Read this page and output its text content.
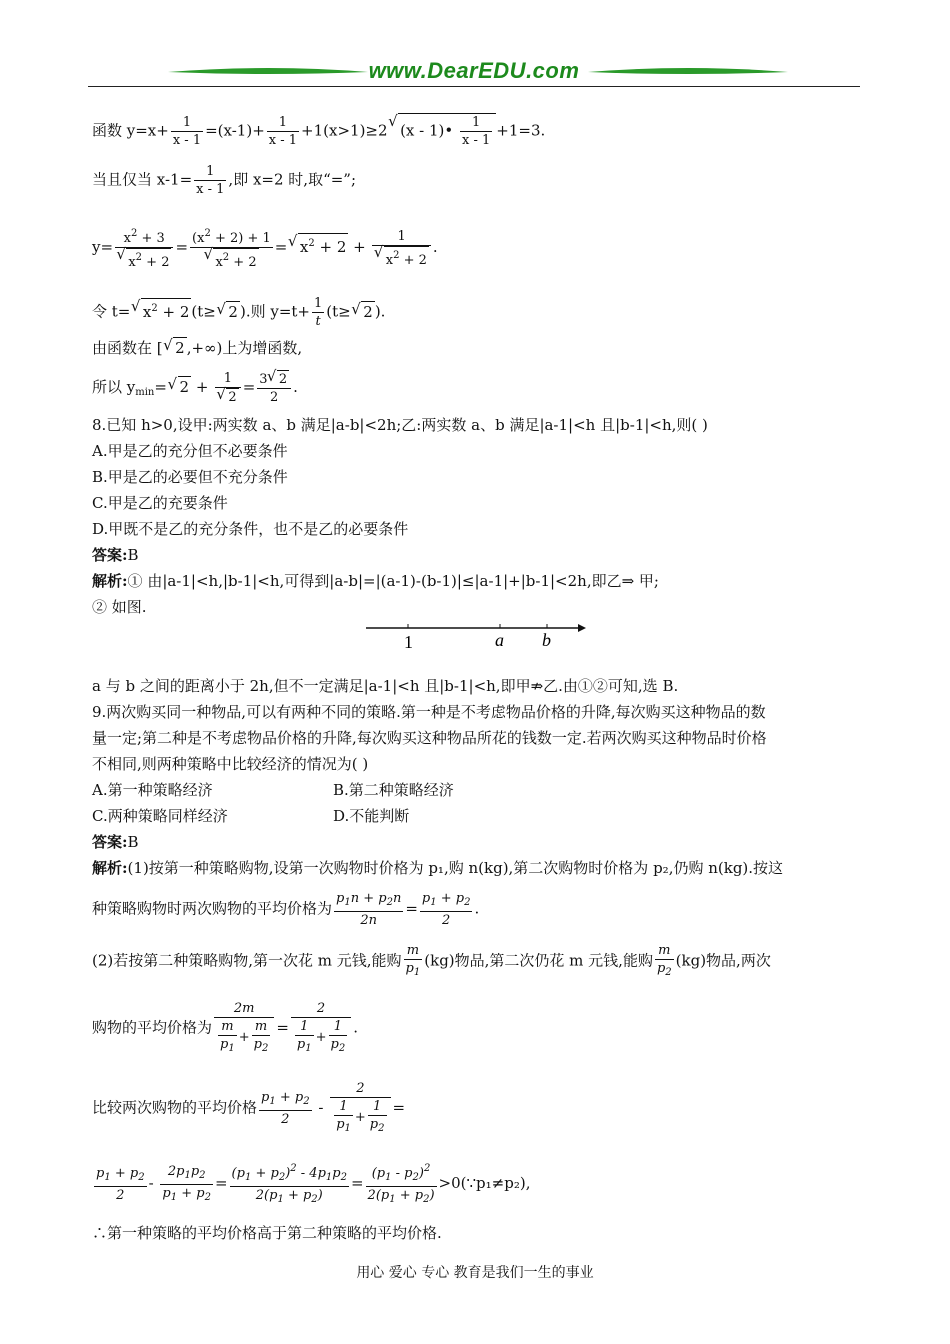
www.DearEDU.com
函数 $y=x+ \frac{1}{x - 1} =(x-1)+ \frac{1}{x - 1} +1(x>1)\ge 2$ √ (x - 1)• $\frac{1}{x - 1} +1=3$.
当且仅当 $x-1= \frac{1}{x - 1}$ ,即 x=2 时,取“=”;
$y= x^2 + 3$
√ $x^2 + 2 = (x^2 + 2) + 1$
√ $x^2 + 2$ =  √ $x^2 + 2 + 1$
√ $x^2 + 2$ .
令 t= √ $x^2 + 2$ (t≥ √ 2 ).则 $y=t+ \frac{1}{t} (t\ge$ √ 2 ).
由函数在 [ √ 2 ,+∞)上为增函数,
所以 $y_{min}=$ √ 2 + 1
√ $2 = \frac{3 √ 2}{2}$ .
8.已知 h>0,设甲:两实数 a、b 满足|a-b|<2h;乙:两实数 a、b 满足|a-1|<h 且|b-1|<h,则( )
A.甲是乙的充分但不必要条件
B.甲是乙的必要但不充分条件
C.甲是乙的充要条件
D.甲既不是乙的充分条件，也不是乙的必要条件
答案:B
解析:① 由|a-1|<h,|b-1|<h,可得到|a-b|=|(a-1)-(b-1)|≤|a-1|+|b-1|<2h,即乙⇒ 甲;
② 如图.
1	a b
a 与 b 之间的距离小于 2h,但不一定满足|a-1|<h 且|b-1|<h,即甲⇏乙.由①②可知,选 B.
9.两次购买同一种物品,可以有两种不同的策略.第一种是不考虑物品价格的升降,每次购买这种物品的数
量一定;第二种是不考虑物品价格的升降,每次购买这种物品所花的钱数一定.若两次购买这种物品时价格
不相同,则两种策略中比较经济的情况为( )
A.第一种策略经济	B.第二种策略经济
C.两种策略同样经济	D.不能判断
答案:B
解析:(1)按第一种策略购物,设第一次购物时价格为 p₁,购 n(kg),第二次购物时价格为 p₂,仍购 n(kg).按这
种策略购物时两次购物的平均价格为 $\frac{p_1n + p_2n}{2n} = \frac{p_1 + p_2}{2}$ .
(2)若按第二种策略购物,第一次花 m 元钱,能购 $\frac{m}{p_1} (kg)$物品,第二次仍花 m 元钱,能购 $\frac{m}{p_2} (kg)$物品,两次
购物的平均价格为 $\frac{2m}{\frac{m}{p_1} + \frac{m}{p_2}} = \frac{2}{\frac{1}{p_1} + \frac{1}{p_2}}$ .
比较两次购物的平均价格 $\frac{p_1 + p_2}{2} - \frac{2}{\frac{1}{p_1} + \frac{1}{p_2}}$ =
$\frac{p_1 + p_2}{2} - \frac{2p_1p_2}{p_1 + p_2} = \frac{(p_1 + p_2)^2 - 4p_1p_2}{2(p_1 + p_2)} = \frac{(p_1 - p_2)^2}{2(p_1 + p_2)}$ >0(∵p₁≠p₂),
∴第一种策略的平均价格高于第二种策略的平均价格.
用心 爱心 专心 教育是我们一生的事业
